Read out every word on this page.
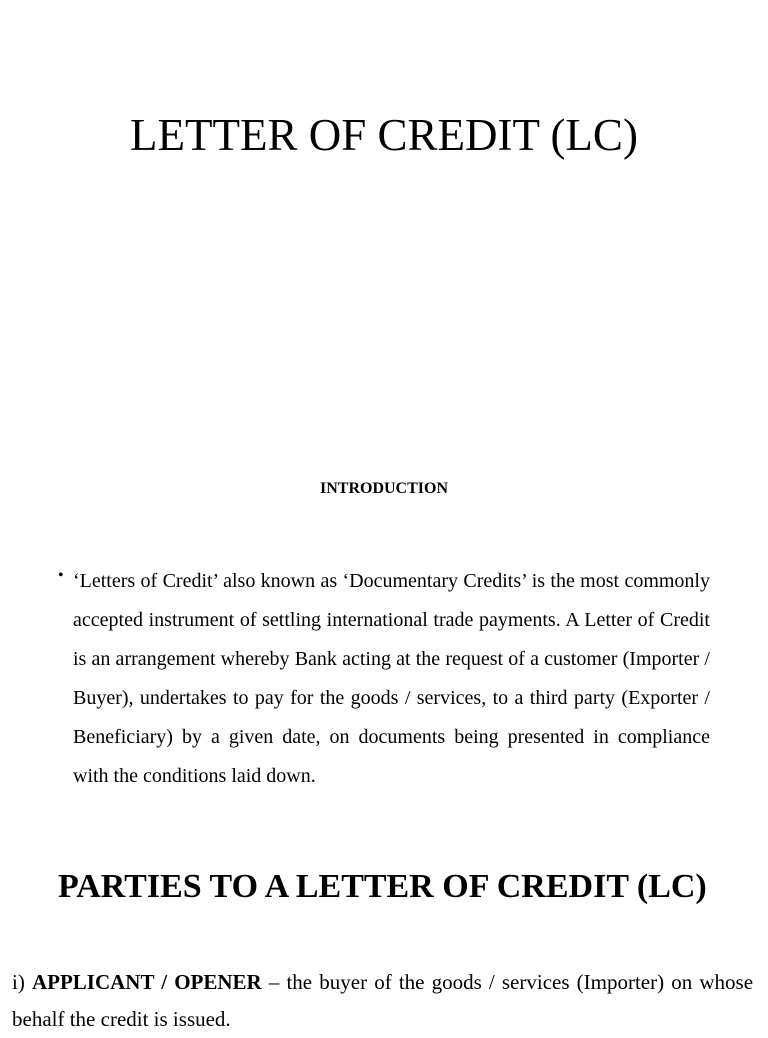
LETTER OF CREDIT (LC)
INTRODUCTION
• ‘Letters of Credit’ also known as ‘Documentary Credits’ is the most commonly accepted instrument of settling international trade payments. A Letter of Credit is an arrangement whereby Bank acting at the request of a customer (Importer / Buyer), undertakes to pay for the goods / services, to a third party (Exporter / Beneficiary) by a given date, on documents being presented in compliance with the conditions laid down.

PARTIES TO A LETTER OF CREDIT (LC)

i) APPLICANT / OPENER – the buyer of the goods / services (Importer) on whose behalf the credit is issued.
